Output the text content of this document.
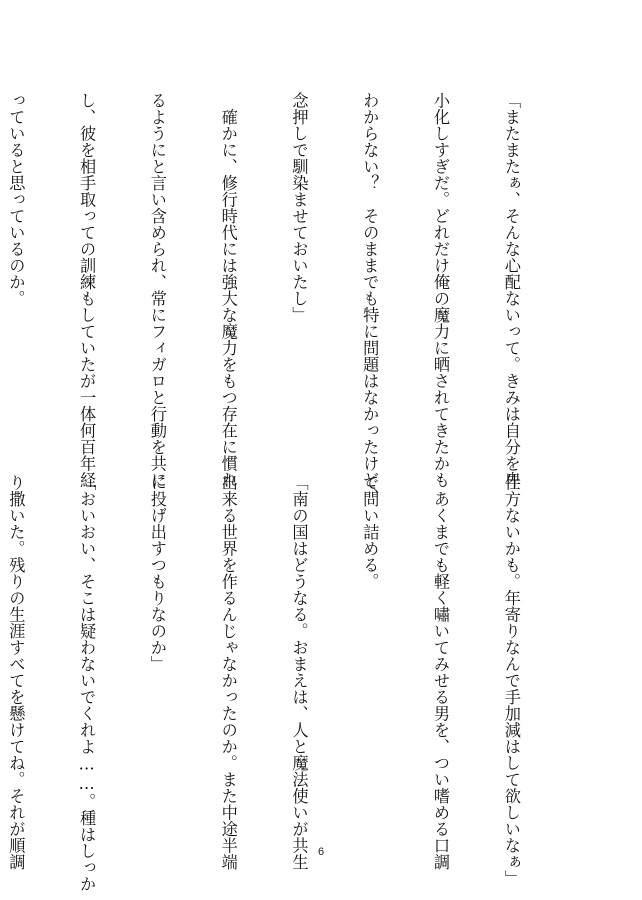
「またまたぁ、そんな心配ないって。きみは自分を卑

小化しすぎだ。どれだけ俺の魔力に晒されてきたかも

わからない？　そのままでも特に問題はなかったけど、

念押しで馴染ませておいたし」

　確かに、修行時代には強大な魔力をもつ存在に慣れ

るようにと言い含められ、常にフィガロと行動を共に

し、彼を相手取っての訓練もしていたが一体何百年経

っていると思っているのか。

仕方ないかも。年寄りなんで手加減はして欲しいなぁ」

　あくまでも軽く嘯いてみせる男を、つい嗜める口調

で問い詰める。

「南の国はどうなる。おまえは、人と魔法使いが共生

出来る世界を作るんじゃなかったのか。また中途半端

に投げ出すつもりなのか」

「おいおい、そこは疑わないでくれよ……。種はしっか

り撒いた。残りの生涯すべてを懸けてね。それが順調

	6
